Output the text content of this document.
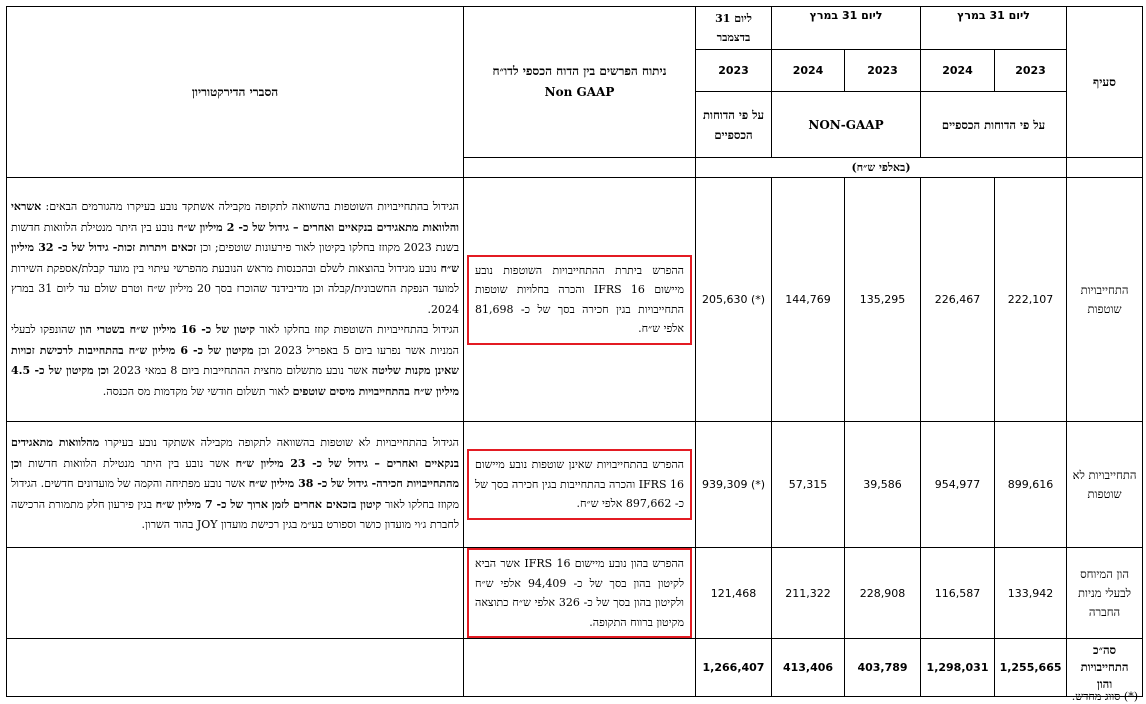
סעיף	ליום 31 במרץ		ליום 31 במרץ		ליום 31 בדצמבר	ניתוח הפרשים בין הדוח הכספי לדו״ח
Non GAAP	הסברי הדירקטוריון
	2023	2024	2023	2024	2023		
	על פי הדוחות הכספיים		NON-GAAP		על פי הדוחות הכספיים		
	(באלפי ש״ח)						
התחייבויות שוטפות	222,107	226,467	135,295	144,769	(*) 205,630	ההפרש ביתרת ההתחייבויות השוטפות נובע מיישום IFRS 16 והכרה בחלויות שוטפות התחייבויות בגין חכירה בסך של כ- 81,698 אלפי ש״ח.	הגידול בהתחייבויות השוטפות בהשוואה לתקופה מקבילה אשתקד נובע בעיקרו מהגורמים הבאים: אשראי והלוואות מתאגידים בנקאיים ואחרים – גידול של כ- 2 מיליון ש״ח נובע בין היתר מנטילת הלוואות חדשות בשנת 2023 מקוזז בחלקו בקיטון לאור פירעונות שוטפים; וכן זכאים ויתרות זכות- גידול של כ- 32 מיליון ש״ח נובע מגידול בהוצאות לשלם ובהכנסות מראש הנובעת מהפרשי עיתוי בין מועד קבלת/אספקת השירות למועד הנפקת החשבונית/קבלה וכן מדיבידנד שהוכרז בסך 20 מיליון ש״ח וטרם שולם עד ליום 31 במרץ 2024.
הגידול בהתחייבויות השוטפות קוזז בחלקו לאור קיטון של כ- 16 מיליון ש״ח בשטרי הון שהונפקו לבעלי המניות אשר נפרעו ביום 5 באפריל 2023 וכן מקיטון של כ- 6 מיליון ש״ח בהתחייבות לרכישת זכויות שאינן מקנות שליטה אשר נובע מתשלום מחצית ההתחייבות ביום 8 במאי 2023 וכן מקיטון של כ- 4.5 מיליון ש״ח בהתחייבויות מיסים שוטפים לאור תשלום חודשי של מקדמות מס הכנסה.

התחייבויות לא שוטפות	899,616	954,977	39,586	57,315	(*) 939,309	ההפרש בהתחייבויות שאינן שוטפות נובע מיישום IFRS 16 והכרה בהתחייבות בגין חכירה בסך של כ- 897,662 אלפי ש״ח.	הגידול בהתחייבויות לא שוטפות בהשוואה לתקופה מקבילה אשתקד נובע בעיקרו מהלוואות מתאגידים בנקאיים ואחרים – גידול של כ- 23 מיליון ש״ח אשר נובע בין היתר מנטילת הלוואות חדשות וכן מהתחייבויות חכירה- גידול של כ- 38 מיליון ש״ח אשר נובע מפתיחה והקמה של מועדונים חדשים. הגידול מקוזז בחלקו לאור קיטון בזכאים אחרים לזמן ארוך של כ- 7 מיליון ש״ח בגין פירעון חלק מתמורת הרכישה לחברת ג׳וי מועדון כושר וספורט בע״מ בגין רכישת מועדון JOY בהוד השרון.

הון המיוחס לבעלי מניות החברה	133,942	116,587	228,908	211,322	121,468	ההפרש בהון נובע מיישום IFRS 16 אשר הביא לקיטון בהון בסך של כ- 94,409 אלפי ש״ח ולקיטון בהון בסך של כ- 326 אלפי ש״ח כתוצאה מקיטון ברווח התקופה.	

סה״כ התחייבויות והון	1,255,665	1,298,031	403,789	413,406	1,266,407		
(*) סווג מחדש.
